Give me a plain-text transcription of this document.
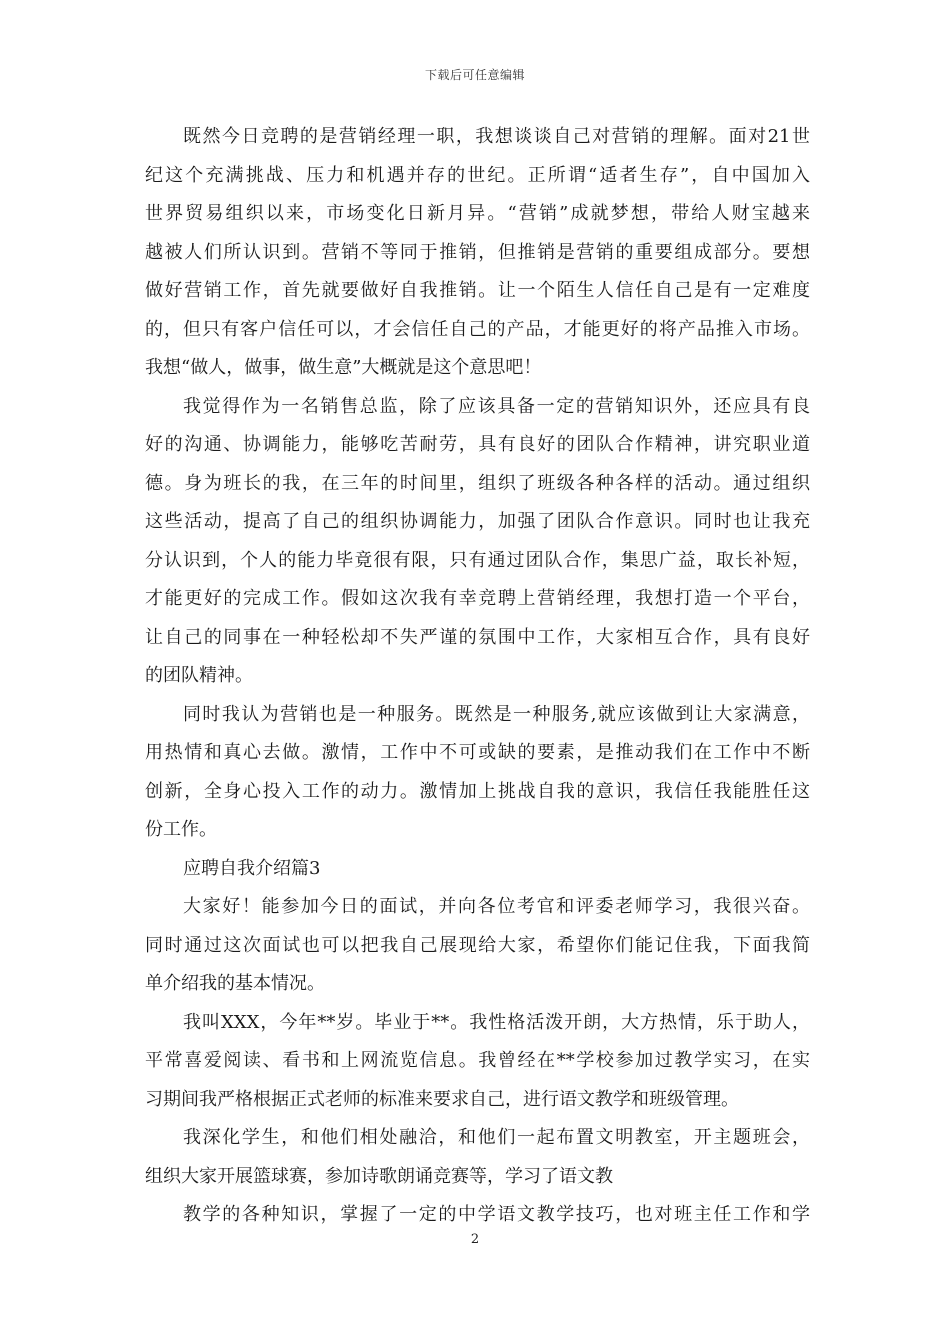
下载后可任意编辑
既然今日竞聘的是营销经理一职，我想谈谈自己对营销的理解。面对21世
纪这个充满挑战、压力和机遇并存的世纪。正所谓“适者生存”，自中国加入
世界贸易组织以来，市场变化日新月异。“营销”成就梦想，带给人财宝越来
越被人们所认识到。营销不等同于推销，但推销是营销的重要组成部分。要想
做好营销工作，首先就要做好自我推销。让一个陌生人信任自己是有一定难度
的，但只有客户信任可以，才会信任自己的产品，才能更好的将产品推入市场。
我想“做人，做事，做生意”大概就是这个意思吧！
我觉得作为一名销售总监，除了应该具备一定的营销知识外，还应具有良
好的沟通、协调能力，能够吃苦耐劳，具有良好的团队合作精神，讲究职业道
德。身为班长的我，在三年的时间里，组织了班级各种各样的活动。通过组织
这些活动，提高了自己的组织协调能力，加强了团队合作意识。同时也让我充
分认识到，个人的能力毕竟很有限，只有通过团队合作，集思广益，取长补短，
才能更好的完成工作。假如这次我有幸竞聘上营销经理，我想打造一个平台，
让自己的同事在一种轻松却不失严谨的氛围中工作，大家相互合作，具有良好
的团队精神。
同时我认为营销也是一种服务。既然是一种服务,就应该做到让大家满意，
用热情和真心去做。激情，工作中不可或缺的要素，是推动我们在工作中不断
创新，全身心投入工作的动力。激情加上挑战自我的意识，我信任我能胜任这
份工作。
应聘自我介绍篇3
大家好！能参加今日的面试，并向各位考官和评委老师学习，我很兴奋。
同时通过这次面试也可以把我自己展现给大家，希望你们能记住我，下面我简
单介绍我的基本情况。
我叫XXX，今年**岁。毕业于**。我性格活泼开朗，大方热情，乐于助人，
平常喜爱阅读、看书和上网流览信息。我曾经在**学校参加过教学实习，在实
习期间我严格根据正式老师的标准来要求自己，进行语文教学和班级管理。
我深化学生，和他们相处融洽，和他们一起布置文明教室，开主题班会，
组织大家开展篮球赛，参加诗歌朗诵竞赛等，学习了语文教
教学的各种知识，掌握了一定的中学语文教学技巧，也对班主任工作和学
2
